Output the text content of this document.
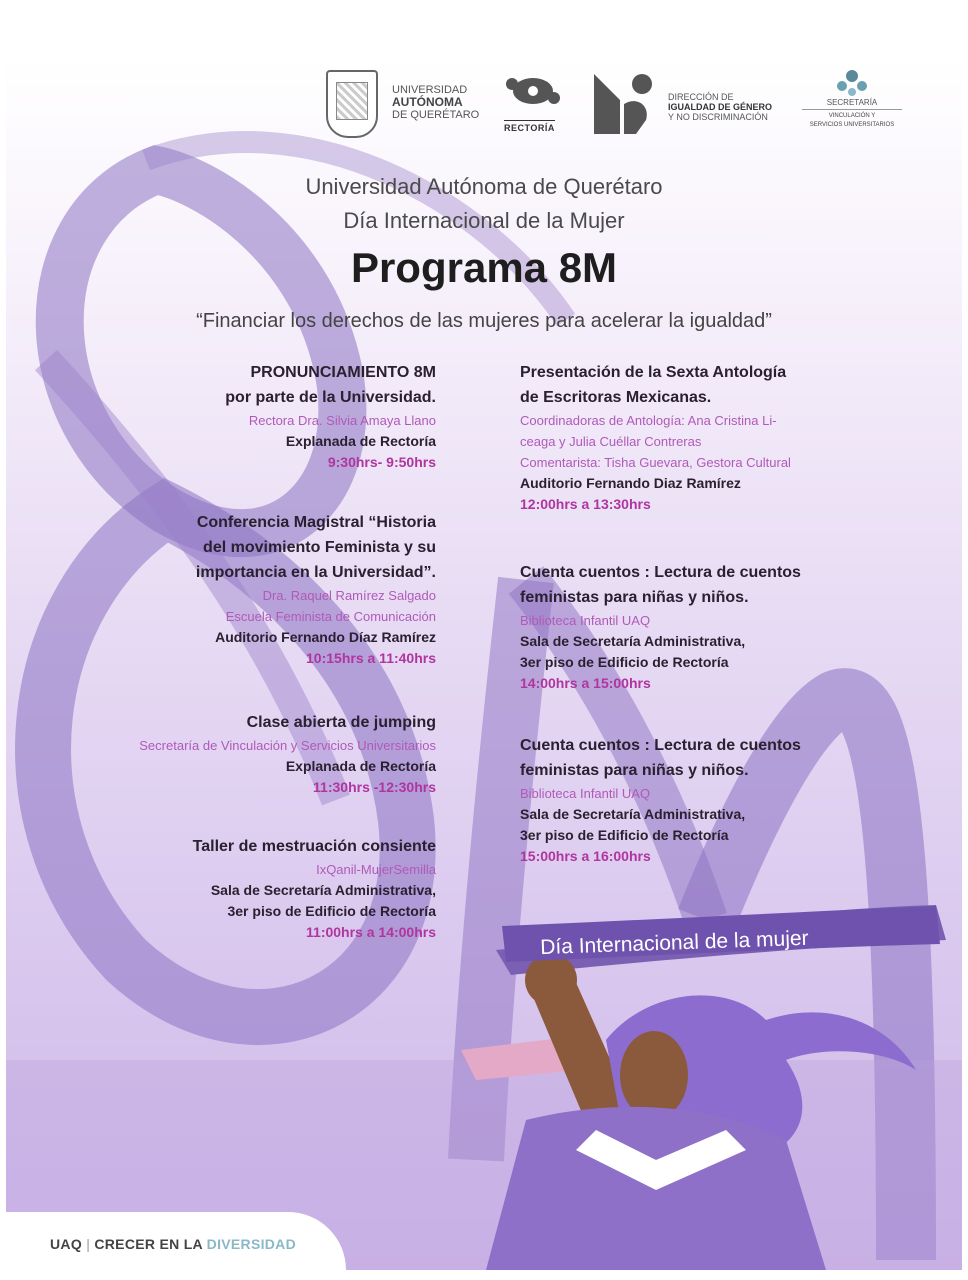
UNIVERSIDAD
AUTÓNOMA
DE QUERÉTARO
RECTORÍA
DIRECCIÓN DE
IGUALDAD DE GÉNERO
Y NO DISCRIMINACIÓN
SECRETARÍA
VINCULACIÓN Y
SERVICIOS UNIVERSITARIOS
Universidad Autónoma de Querétaro
Día Internacional de la Mujer
Programa 8M
“Financiar los derechos de las mujeres para acelerar la igualdad”
PRONUNCIAMIENTO 8M
por parte de la Universidad.
Rectora Dra. Silvia Amaya Llano
Explanada de Rectoría
9:30hrs- 9:50hrs
Conferencia Magistral “Historia
del movimiento Feminista y su
importancia en la Universidad”.
Dra. Raquel Ramírez Salgado
Escuela Feminista de Comunicación
Auditorio Fernando Díaz Ramírez
10:15hrs a 11:40hrs
Clase abierta de jumping
Secretaría de Vinculación y Servicios Universitarios
Explanada de Rectoría
11:30hrs -12:30hrs
Taller de mestruación consiente
IxQanil-MujerSemilla
Sala de Secretaría Administrativa,
3er piso de Edificio de Rectoría
11:00hrs a 14:00hrs
Presentación de la Sexta Antología
de Escritoras Mexicanas.
Coordinadoras de Antología: Ana Cristina Li-
ceaga y Julia Cuéllar Contreras
Comentarista: Tisha Guevara, Gestora Cultural
Auditorio Fernando Diaz Ramírez
12:00hrs a 13:30hrs
Cuenta cuentos : Lectura de cuentos
feministas para niñas y niños.
Biblioteca Infantil UAQ
Sala de Secretaría Administrativa,
3er piso de Edificio de Rectoría
14:00hrs a 15:00hrs
Cuenta cuentos : Lectura de cuentos
feministas para niñas y niños.
Biblioteca Infantil UAQ
Sala de Secretaría Administrativa,
3er piso de Edificio de Rectoría
15:00hrs a 16:00hrs
Día Internacional de la mujer
UAQ | CRECER EN LA DIVERSIDAD
